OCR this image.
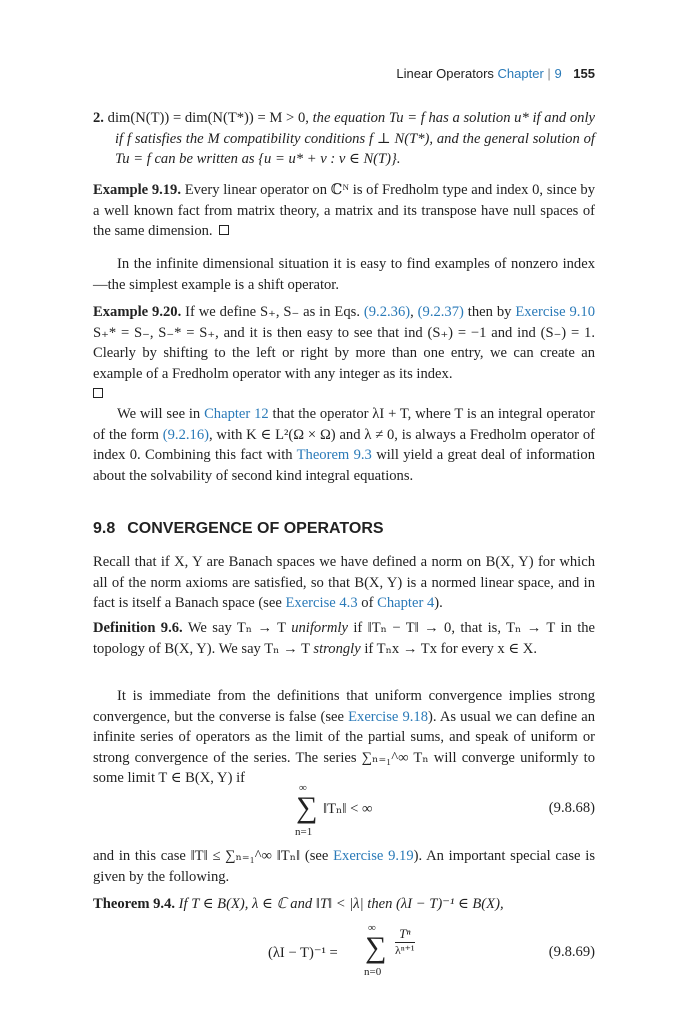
Linear Operators Chapter | 9 155

2. dim(N(T)) = dim(N(T*)) = M > 0, the equation Tu = f has a solution u* if and only if f satisfies the M compatibility conditions f ⊥ N(T*), and the general solution of Tu = f can be written as {u = u* + v : v ∈ N(T)}.

Example 9.19. Every linear operator on ℂᴺ is of Fredholm type and index 0, since by a well known fact from matrix theory, a matrix and its transpose have null spaces of the same dimension.

In the infinite dimensional situation it is easy to find examples of nonzero index—the simplest example is a shift operator.

Example 9.20. If we define S₊, S₋ as in Eqs. (9.2.36), (9.2.37) then by Exercise 9.10 S₊* = S₋, S₋* = S₊, and it is then easy to see that ind (S₊) = −1 and ind (S₋) = 1. Clearly by shifting to the left or right by more than one entry, we can create an example of a Fredholm operator with any integer as its index.

We will see in Chapter 12 that the operator λI + T, where T is an integral operator of the form (9.2.16), with K ∈ L²(Ω × Ω) and λ ≠ 0, is always a Fredholm operator of index 0. Combining this fact with Theorem 9.3 will yield a great deal of information about the solvability of second kind integral equations.

9.8 CONVERGENCE OF OPERATORS

Recall that if X, Y are Banach spaces we have defined a norm on B(X, Y) for which all of the norm axioms are satisfied, so that B(X, Y) is a normed linear space, and in fact is itself a Banach space (see Exercise 4.3 of Chapter 4).

Definition 9.6. We say Tₙ → T uniformly if ‖Tₙ − T‖ → 0, that is, Tₙ → T in the topology of B(X, Y). We say Tₙ → T strongly if Tₙx → Tx for every x ∈ X.

It is immediate from the definitions that uniform convergence implies strong convergence, but the converse is false (see Exercise 9.18). As usual we can define an infinite series of operators as the limit of the partial sums, and speak of uniform or strong convergence of the series. The series ∑ₙ₌₁^∞ Tₙ will converge uniformly to some limit T ∈ B(X, Y) if

∞
∑
n=1
‖Tₙ‖ < ∞	(9.8.68)

and in this case ‖T‖ ≤ ∑ₙ₌₁^∞ ‖Tₙ‖ (see Exercise 9.19). An important special case is given by the following.

Theorem 9.4. If T ∈ B(X), λ ∈ ℂ and ‖T‖ < |λ| then (λI − T)⁻¹ ∈ B(X),

(λI − T)⁻¹ =
∞
∑
n=0
$\frac{\text{Tⁿ}}{\text{λⁿ⁺¹}}$	(9.8.69)
